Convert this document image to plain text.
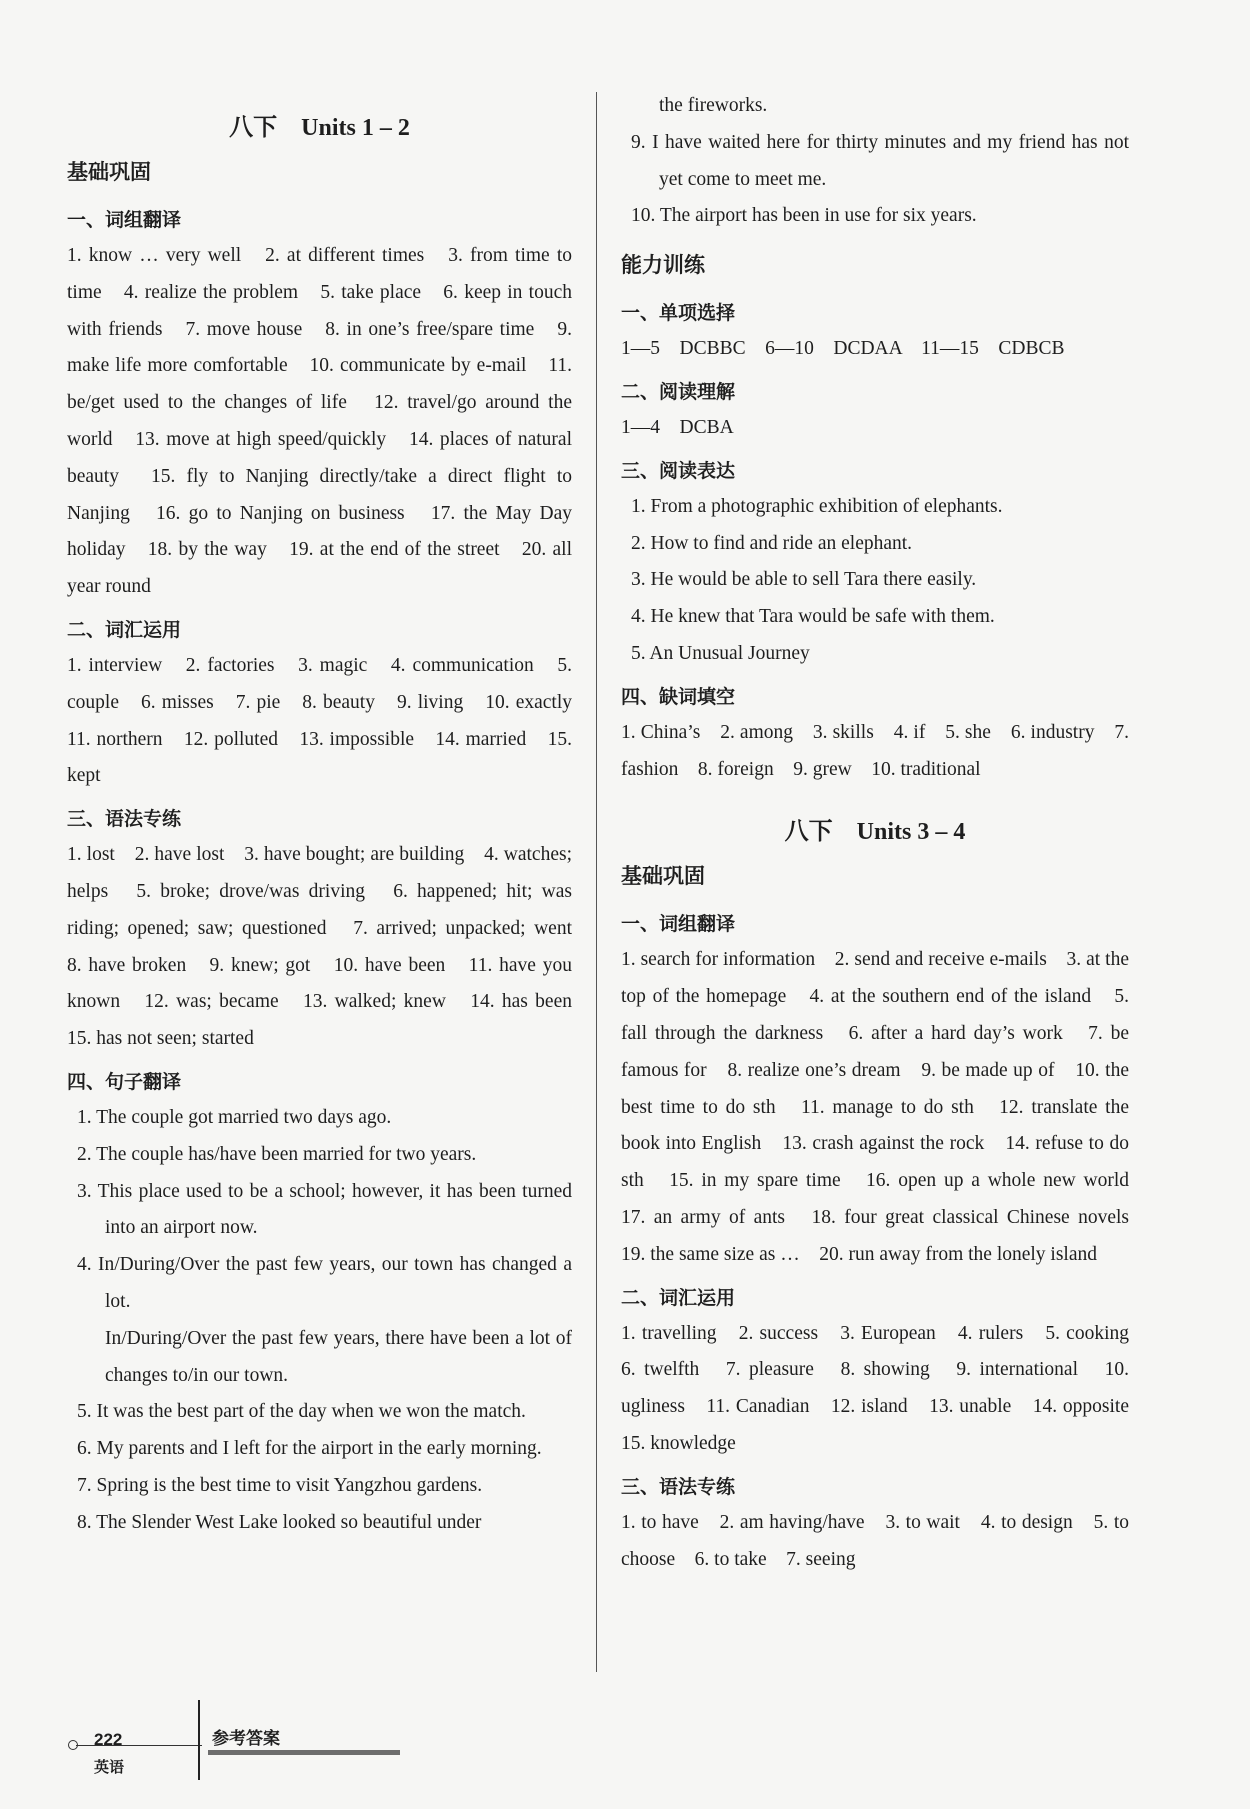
八下　Units 1 – 2
基础巩固
一、词组翻译

1. know … very well　2. at different times　3. from time to time　4. realize the problem　5. take place　6. keep in touch with friends　7. move house　8. in one’s free/spare time　9. make life more comfortable　10. communicate by e-mail　11. be/get used to the changes of life　12. travel/go around the world　13. move at high speed/quickly　14. places of natural beauty　15. fly to Nanjing directly/take a direct flight to Nanjing　16. go to Nanjing on business　17. the May Day holiday　18. by the way　19. at the end of the street　20. all year round

二、词汇运用

1. interview　2. factories　3. magic　4. communication　5. couple　6. misses　7. pie　8. beauty　9. living　10. exactly　11. northern　12. polluted　13. impossible　14. married　15. kept

三、语法专练

1. lost　2. have lost　3. have bought; are building　4. watches; helps　5. broke; drove/was driving　6. happened; hit; was riding; opened; saw; questioned　7. arrived; unpacked; went　8. have broken　9. knew; got　10. have been　11. have you known　12. was; became　13. walked; knew　14. has been　15. has not seen; started

四、句子翻译

1. The couple got married two days ago.

2. The couple has/have been married for two years.

3. This place used to be a school; however, it has been turned into an airport now.

4. In/During/Over the past few years, our town has changed a lot.

In/During/Over the past few years, there have been a lot of changes to/in our town.

5. It was the best part of the day when we won the match.

6. My parents and I left for the airport in the early morning.

7. Spring is the best time to visit Yangzhou gardens.

8. The Slender West Lake looked so beautiful under

the fireworks.

9. I have waited here for thirty minutes and my friend has not yet come to meet me.

10. The airport has been in use for six years.

能力训练
一、单项选择

1—5　DCBBC　6—10　DCDAA　11—15　CDBCB

二、阅读理解

1—4　DCBA

三、阅读表达

1. From a photographic exhibition of elephants.

2. How to find and ride an elephant.

3. He would be able to sell Tara there easily.

4. He knew that Tara would be safe with them.

5. An Unusual Journey

四、缺词填空

1. China’s　2. among　3. skills　4. if　5. she　6. industry　7. fashion　8. foreign　9. grew　10. traditional

八下　Units 3 – 4
基础巩固
一、词组翻译

1. search for information　2. send and receive e-mails　3. at the top of the homepage　4. at the southern end of the island　5. fall through the darkness　6. after a hard day’s work　7. be famous for　8. realize one’s dream　9. be made up of　10. the best time to do sth　11. manage to do sth　12. translate the book into English　13. crash against the rock　14. refuse to do sth　15. in my spare time　16. open up a whole new world　17. an army of ants　18. four great classical Chinese novels　19. the same size as …　20. run away from the lonely island

二、词汇运用

1. travelling　2. success　3. European　4. rulers　5. cooking　6. twelfth　7. pleasure　8. showing　9. international　10. ugliness　11. Canadian　12. island　13. unable　14. opposite　15. knowledge

三、语法专练

1. to have　2. am having/have　3. to wait　4. to design　5. to choose　6. to take　7. seeing

222	参考答案
英语
